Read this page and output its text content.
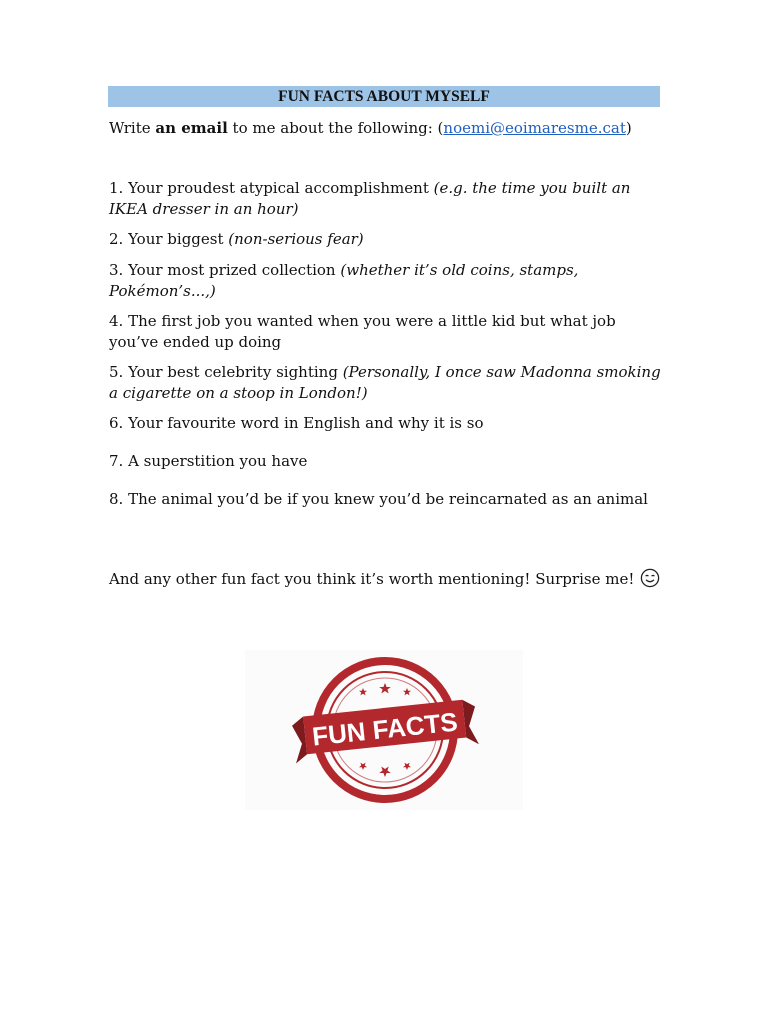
FUN FACTS ABOUT MYSELF
Write an email to me about the following: (noemi@eoimaresme.cat)
1. Your proudest atypical accomplishment (e.g. the time you built an IKEA dresser in an hour)
2. Your biggest (non-serious fear)
3. Your most prized collection (whether it’s old coins, stamps, Pokémon’s...,)
4. The first job you wanted when you were a little kid but what job you’ve ended up doing
5. Your best celebrity sighting (Personally, I once saw Madonna smoking a cigarette on a stoop in London!)
6. Your favourite word in English and why it is so
7. A superstition you have
8. The animal you’d be if you knew you’d be reincarnated as an animal
And any other fun fact you think it’s worth mentioning! Surprise me!
FUN FACTS
